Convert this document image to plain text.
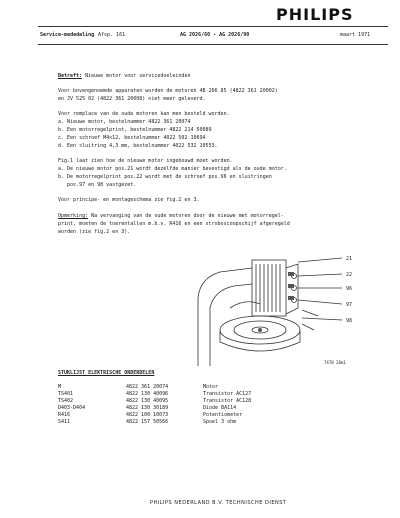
PHILIPS
Service-mededeling Afsp. 161	AG 2026/60 - AG 2026/90	maart 1971
Betreft: Nieuwe motor voor servicedoeleinden
Voor bovengenoemde apparaten worden de motoren 4B 266 85 (4822 361 20002)
en JV 525 02 (4822 361 20008) niet meer geleverd.
Voor remplace van de oude motoren kan men besteld worden.
a. Nieuwe motor, bestelnummer 4822 361 20074
b. Een motorregelprint, bestelnummer 4822 214 50089
c. Een schroef M4x12, bestelnummer 4022 502 10694
d. Een sluitring 4,3 mm, bestelnummer 4022 532 10553.
Fig.1 laat zien hoe de nieuwe motor ingebouwd moet worden.
a. De nieuwe motor pos.21 wordt dezelfde manier bevestigd als de oude motor.
b. De motorregelprint pos.22 wordt met de schroef pos.96 en sluitringen
pos.97 en 98 vastgezet.
Voor principe- en montageschema zie fig.2 en 3.
Opmerking: Na vervanging van de oude motoren door de nieuwe met motorregel-
print, moeten de toerentallen m.b.v. R416 en een stroboscoopschijf afgeregeld
worden (zie fig.2 en 3).
21
22
96
97
98
7470 28m1
STUKLIJST ELEKTRISCHE ONDERDELEN
M	4822 361 20074	Motor
TS401	4822 130 40096	Transistor AC127
TS402	4822 130 40095	Transistor AC128
D403-D404	4822 130 30189	Diode BA114
R416	4822 100 10073	Potentiometer
S411	4822 157 50566	Spoel 3 ohm
PHILIPS NEDERLAND B.V. TECHNISCHE DIENST
